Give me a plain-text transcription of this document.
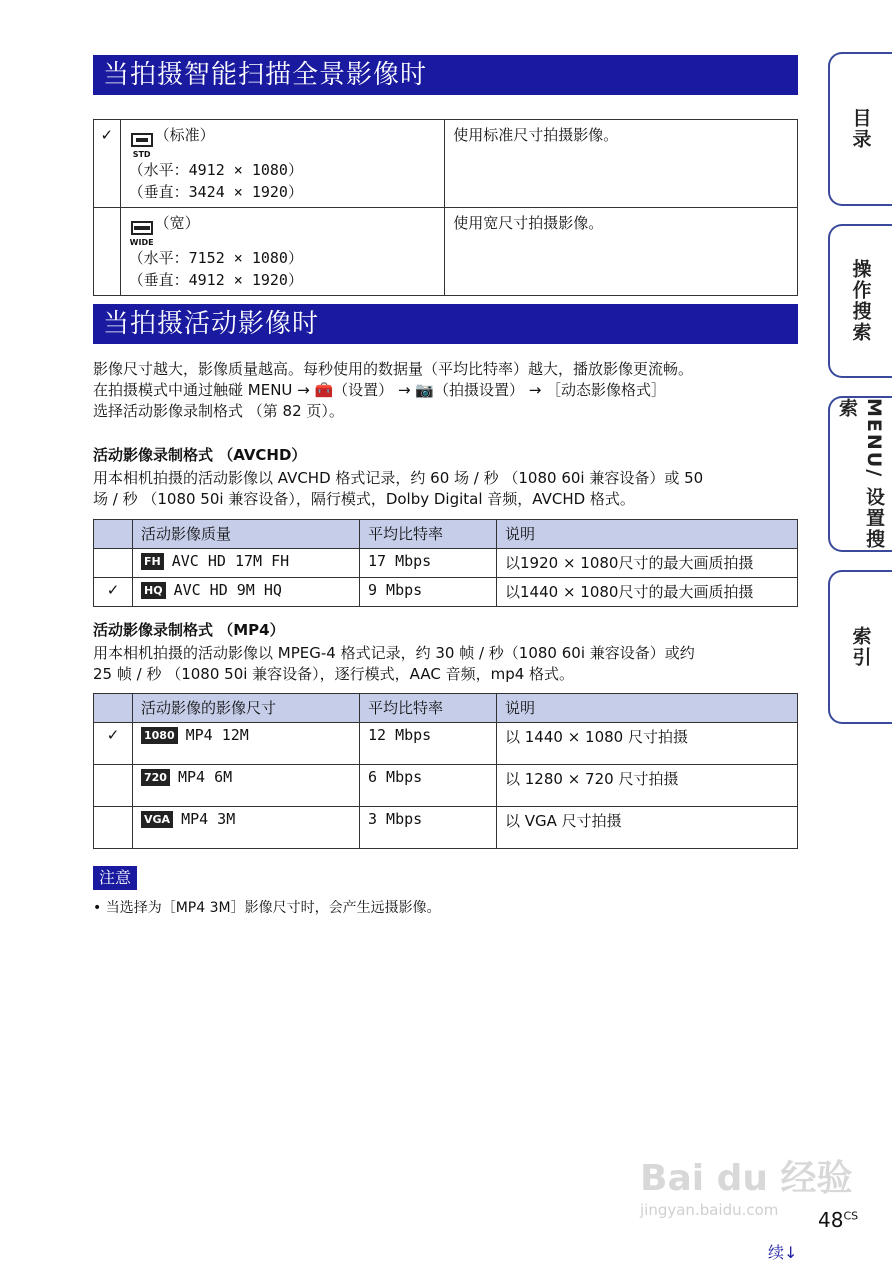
当拍摄智能扫描全景影像时
✓	STD
（标准）
（水平：4912 × 1080）
（垂直：3424 × 1920）	使用标准尺寸拍摄影像。

	WIDE
（宽）
（水平：7152 × 1080）
（垂直：4912 × 1920）	使用宽尺寸拍摄影像。
当拍摄活动影像时
影像尺寸越大，影像质量越高。每秒使用的数据量（平均比特率）越大，播放影像更流畅。
在拍摄模式中通过触碰 MENU → 🧰（设置） → 📷（拍摄设置） → ［动态影像格式］
选择活动影像录制格式 （第 82 页）。
活动影像录制格式 （AVCHD）
用本相机拍摄的活动影像以 AVCHD 格式记录，约 60 场 / 秒 （1080 60i 兼容设备）或 50
场 / 秒 （1080 50i 兼容设备），隔行模式，Dolby Digital 音频，AVCHD 格式。
	活动影像质量	平均比特率	说明
	FH AVC HD 17M FH	17 Mbps	以1920 × 1080尺寸的最大画质拍摄
✓	HQ AVC HD 9M HQ	9 Mbps	以1440 × 1080尺寸的最大画质拍摄
活动影像录制格式 （MP4）
用本相机拍摄的活动影像以 MPEG-4 格式记录，约 30 帧 / 秒（1080 60i 兼容设备）或约
25 帧 / 秒 （1080 50i 兼容设备），逐行模式，AAC 音频，mp4 格式。
	活动影像的影像尺寸	平均比特率	说明
✓	1080 MP4 12M	12 Mbps	以 1440 × 1080 尺寸拍摄
	720 MP4 6M	6 Mbps	以 1280 × 720 尺寸拍摄
	VGA MP4 3M	3 Mbps	以 VGA 尺寸拍摄
注意
• 当选择为［MP4 3M］影像尺寸时，会产生远摄影像。
目录
操作搜索
MENU/ 设置搜索
索引
Bai du 经验
jingyan.baidu.com	$48^{CS}$
续↓
